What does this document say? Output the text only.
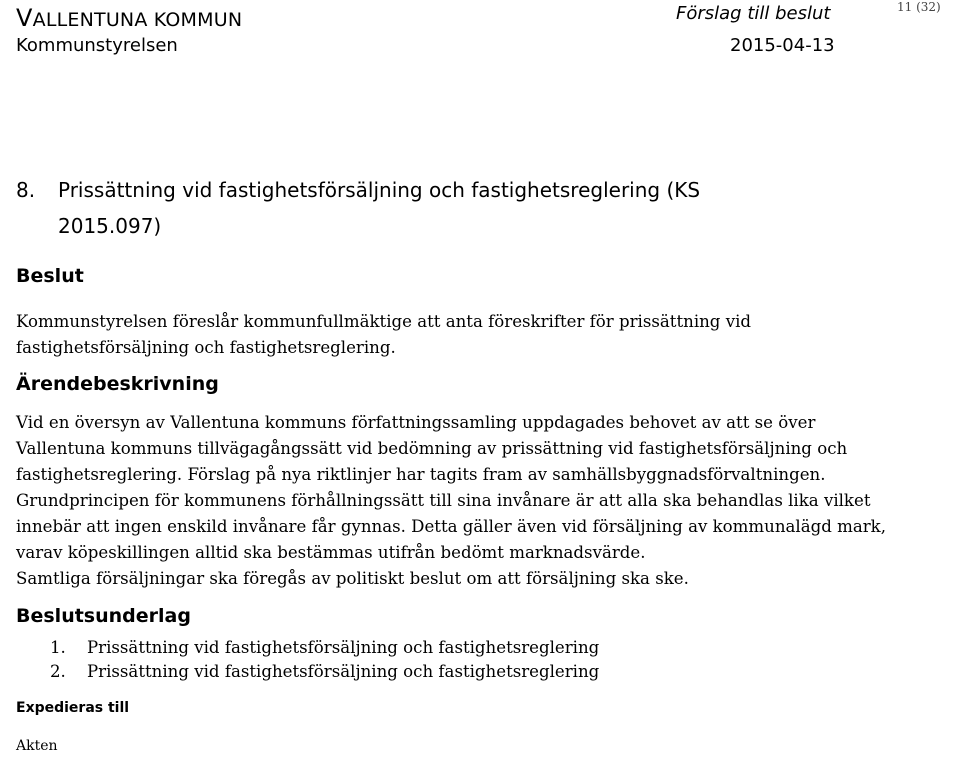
VALLENTUNA KOMMUN	Förslag till beslut	11 (32)
Kommunstyrelsen	2015-04-13
8. Prissättning vid fastighetsförsäljning och fastighetsreglering (KS
2015.097)
Beslut
Kommunstyrelsen föreslår kommunfullmäktige att anta föreskrifter för prissättning vid
fastighetsförsäljning och fastighetsreglering.
Ärendebeskrivning
Vid en översyn av Vallentuna kommuns författningssamling uppdagades behovet av att se över
Vallentuna kommuns tillvägagångssätt vid bedömning av prissättning vid fastighetsförsäljning och
fastighetsreglering. Förslag på nya riktlinjer har tagits fram av samhällsbyggnadsförvaltningen.
Grundprincipen för kommunens förhållningssätt till sina invånare är att alla ska behandlas lika vilket
innebär att ingen enskild invånare får gynnas. Detta gäller även vid försäljning av kommunalägd mark,
varav köpeskillingen alltid ska bestämmas utifrån bedömt marknadsvärde.
Samtliga försäljningar ska föregås av politiskt beslut om att försäljning ska ske.
Beslutsunderlag
1. Prissättning vid fastighetsförsäljning och fastighetsreglering
2. Prissättning vid fastighetsförsäljning och fastighetsreglering
Expedieras till
Akten
